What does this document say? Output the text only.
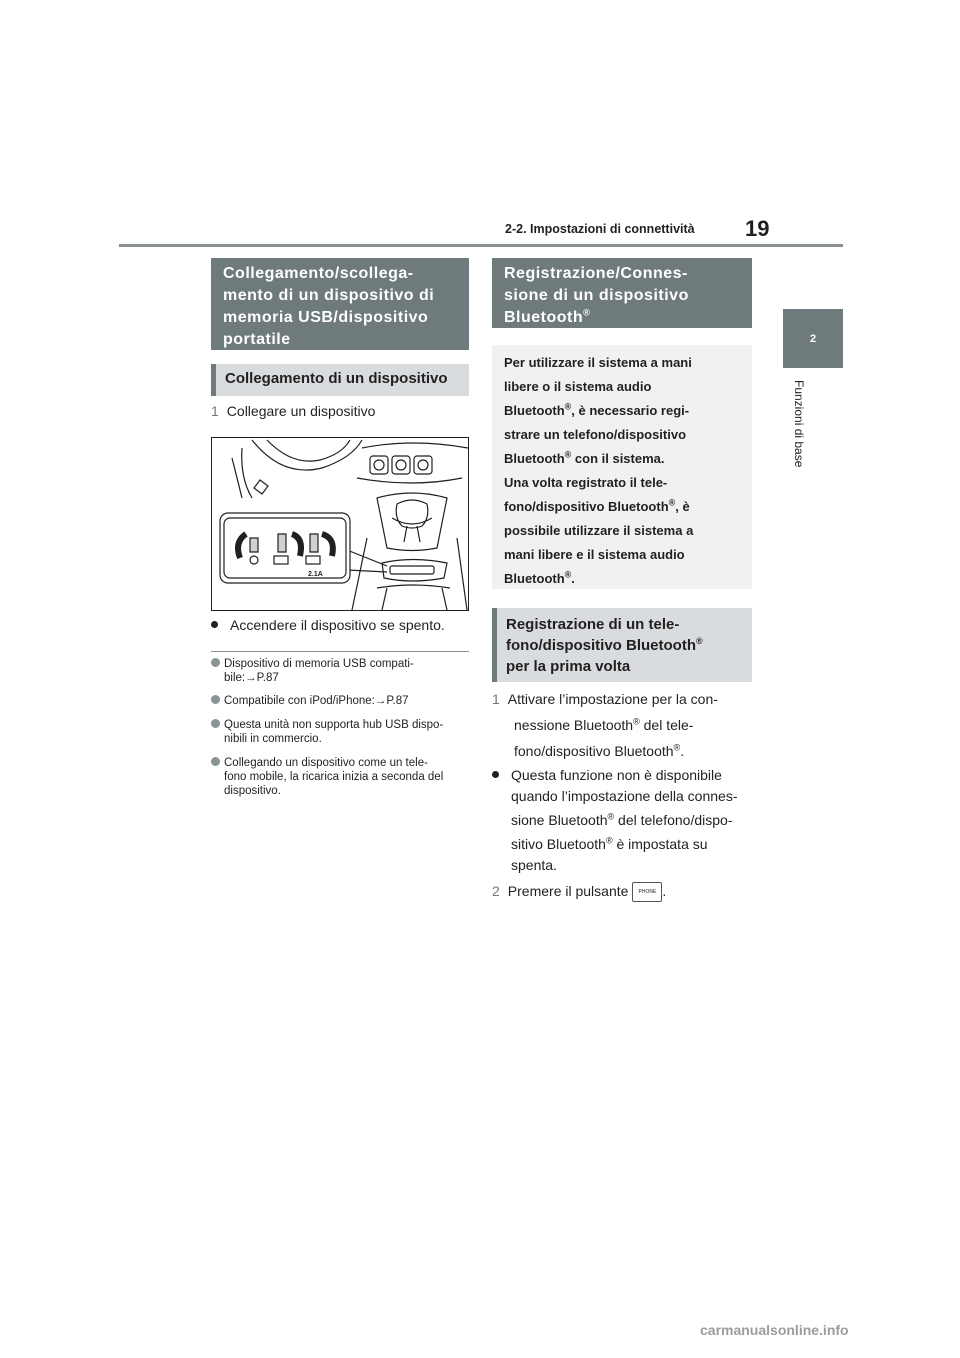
2-2. Impostazioni di connettività 19
2
Funzioni di base
Collegamento/scollega-
mento di un dispositivo di
memoria USB/dispositivo
portatile
Collegamento di un dispositivo
1 Collegare un dispositivo
2.1A
Accendere il dispositivo se spento.
Dispositivo di memoria USB compati-
bile:→P.87
Compatibile con iPod/iPhone:→P.87
Questa unità non supporta hub USB dispo-
nibili in commercio.
Collegando un dispositivo come un tele-
fono mobile, la ricarica inizia a seconda del
dispositivo.
Registrazione/Connes-
sione di un dispositivo
Bluetooth®
Per utilizzare il sistema a mani
libere o il sistema audio
Bluetooth®, è necessario regi-
strare un telefono/dispositivo
Bluetooth® con il sistema.
Una volta registrato il tele-
fono/dispositivo Bluetooth®, è
possibile utilizzare il sistema a
mani libere e il sistema audio
Bluetooth®.
Registrazione di un tele-
fono/dispositivo Bluetooth®
per la prima volta
1 Attivare l’impostazione per la con-
nessione Bluetooth® del tele-
fono/dispositivo Bluetooth®.
Questa funzione non è disponibile
quando l’impostazione della connes-
sione Bluetooth® del telefono/dispo-
sitivo Bluetooth® è impostata su
spenta.
2 Premere il pulsante PHONE .
carmanualsonline.info
